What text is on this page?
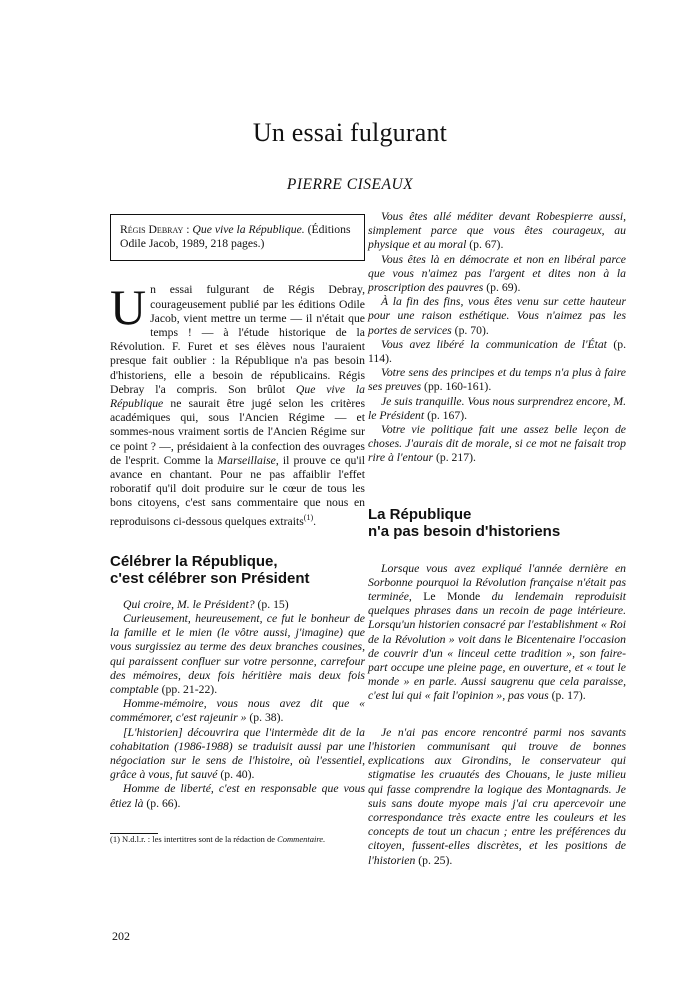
Un essai fulgurant
PIERRE CISEAUX
Régis Debray : Que vive la République. (Éditions Odile Jacob, 1989, 218 pages.)

Un essai fulgurant de Régis Debray, courageusement publié par les éditions Odile Jacob, vient mettre un terme — il n'était que temps ! — à l'étude historique de la Révolution. F. Furet et ses élèves nous l'auraient presque fait oublier : la République n'a pas besoin d'historiens, elle a besoin de républicains. Régis Debray l'a compris. Son brûlot Que vive la République ne saurait être jugé selon les critères académiques qui, sous l'Ancien Régime — et sommes-nous vraiment sortis de l'Ancien Régime sur ce point ? —, présidaient à la confection des ouvrages de l'esprit. Comme la Marseillaise, il prouve ce qu'il avance en chantant. Pour ne pas affaiblir l'effet roboratif qu'il doit produire sur le cœur de tous les bons citoyens, c'est sans commentaire que nous en reproduisons ci-dessous quelques extraits$^{(1)}$.

Célébrer la République,
c'est célébrer son Président

Qui croire, M. le Président? (p. 15)

Curieusement, heureusement, ce fut le bonheur de la famille et le mien (le vôtre aussi, j'imagine) que vous surgissiez au terme des deux branches cousines, qui paraissent confluer sur votre personne, carrefour des mémoires, deux fois héritière mais deux fois comptable (pp. 21-22).

Homme-mémoire, vous nous avez dit que « commémorer, c'est rajeunir » (p. 38).

[L'historien] découvrira que l'intermède dit de la cohabitation (1986-1988) se traduisit aussi par une négociation sur le sens de l'histoire, où l'essentiel, grâce à vous, fut sauvé (p. 40).

Homme de liberté, c'est en responsable que vous êtiez là (p. 66).

(1) N.d.l.r. : les intertitres sont de la rédaction de Commentaire.

Vous êtes allé méditer devant Robespierre aussi, simplement parce que vous êtes courageux, au physique et au moral (p. 67).

Vous êtes là en démocrate et non en libéral parce que vous n'aimez pas l'argent et dites non à la proscription des pauvres (p. 69).

À la fin des fins, vous êtes venu sur cette hauteur pour une raison esthétique. Vous n'aimez pas les portes de services (p. 70).

Vous avez libéré la communication de l'État (p. 114).

Votre sens des principes et du temps n'a plus à faire ses preuves (pp. 160-161).

Je suis tranquille. Vous nous surprendrez encore, M. le Président (p. 167).

Votre vie politique fait une assez belle leçon de choses. J'aurais dit de morale, si ce mot ne faisait trop rire à l'entour (p. 217).

La République
n'a pas besoin d'historiens

Lorsque vous avez expliqué l'année dernière en Sorbonne pourquoi la Révolution française n'était pas terminée, Le Monde du lendemain reproduisit quelques phrases dans un recoin de page intérieure. Lorsqu'un historien consacré par l'establishment « Roi de la Révolution » voit dans le Bicentenaire l'occasion de couvrir d'un « linceul cette tradition », son faire-part occupe une pleine page, en ouverture, et « tout le monde » en parle. Aussi saugrenu que cela paraisse, c'est lui qui « fait l'opinion », pas vous (p. 17).

Je n'ai pas encore rencontré parmi nos savants l'historien communisant qui trouve de bonnes explications aux Girondins, le conservateur qui stigmatise les cruautés des Chouans, le juste milieu qui fasse comprendre la logique des Montagnards. Je suis sans doute myope mais j'ai cru apercevoir une correspondance très exacte entre les couleurs et les concepts de tout un chacun ; entre les préférences du citoyen, fussent-elles discrètes, et les positions de l'historien (p. 25).

202
